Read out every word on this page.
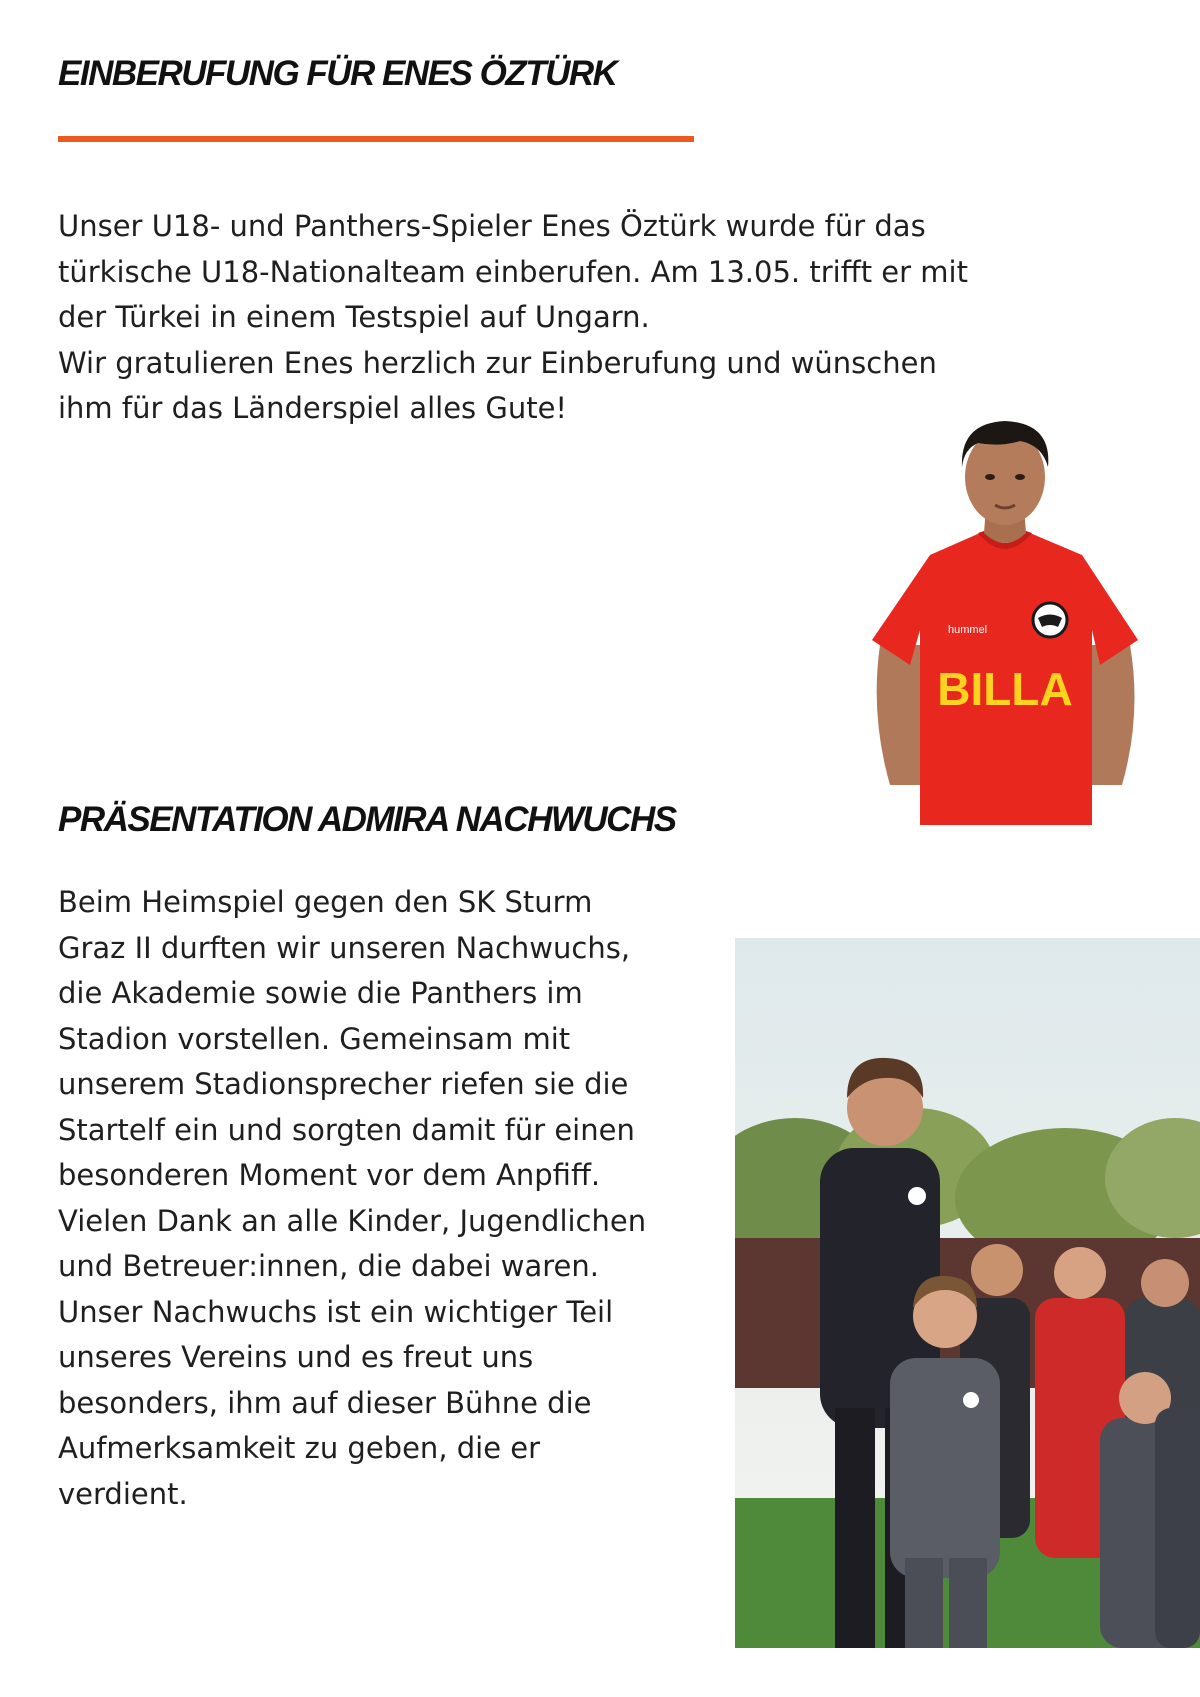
EINBERUFUNG FÜR ENES ÖZTÜRK

Unser U18- und Panthers-Spieler Enes Öztürk wurde für das
türkische U18-Nationalteam einberufen. Am 13.05. trifft er mit
der Türkei in einem Testspiel auf Ungarn.
Wir gratulieren Enes herzlich zur Einberufung und wünschen
ihm für das Länderspiel alles Gute!

hummel
BILLA
PRÄSENTATION ADMIRA NACHWUCHS

Beim Heimspiel gegen den SK Sturm
Graz II durften wir unseren Nachwuchs,
die Akademie sowie die Panthers im
Stadion vorstellen. Gemeinsam mit
unserem Stadionsprecher riefen sie die
Startelf ein und sorgten damit für einen
besonderen Moment vor dem Anpfiff.
Vielen Dank an alle Kinder, Jugendlichen
und Betreuer:innen, die dabei waren.
Unser Nachwuchs ist ein wichtiger Teil
unseres Vereins und es freut uns
besonders, ihm auf dieser Bühne die
Aufmerksamkeit zu geben, die er
verdient.
